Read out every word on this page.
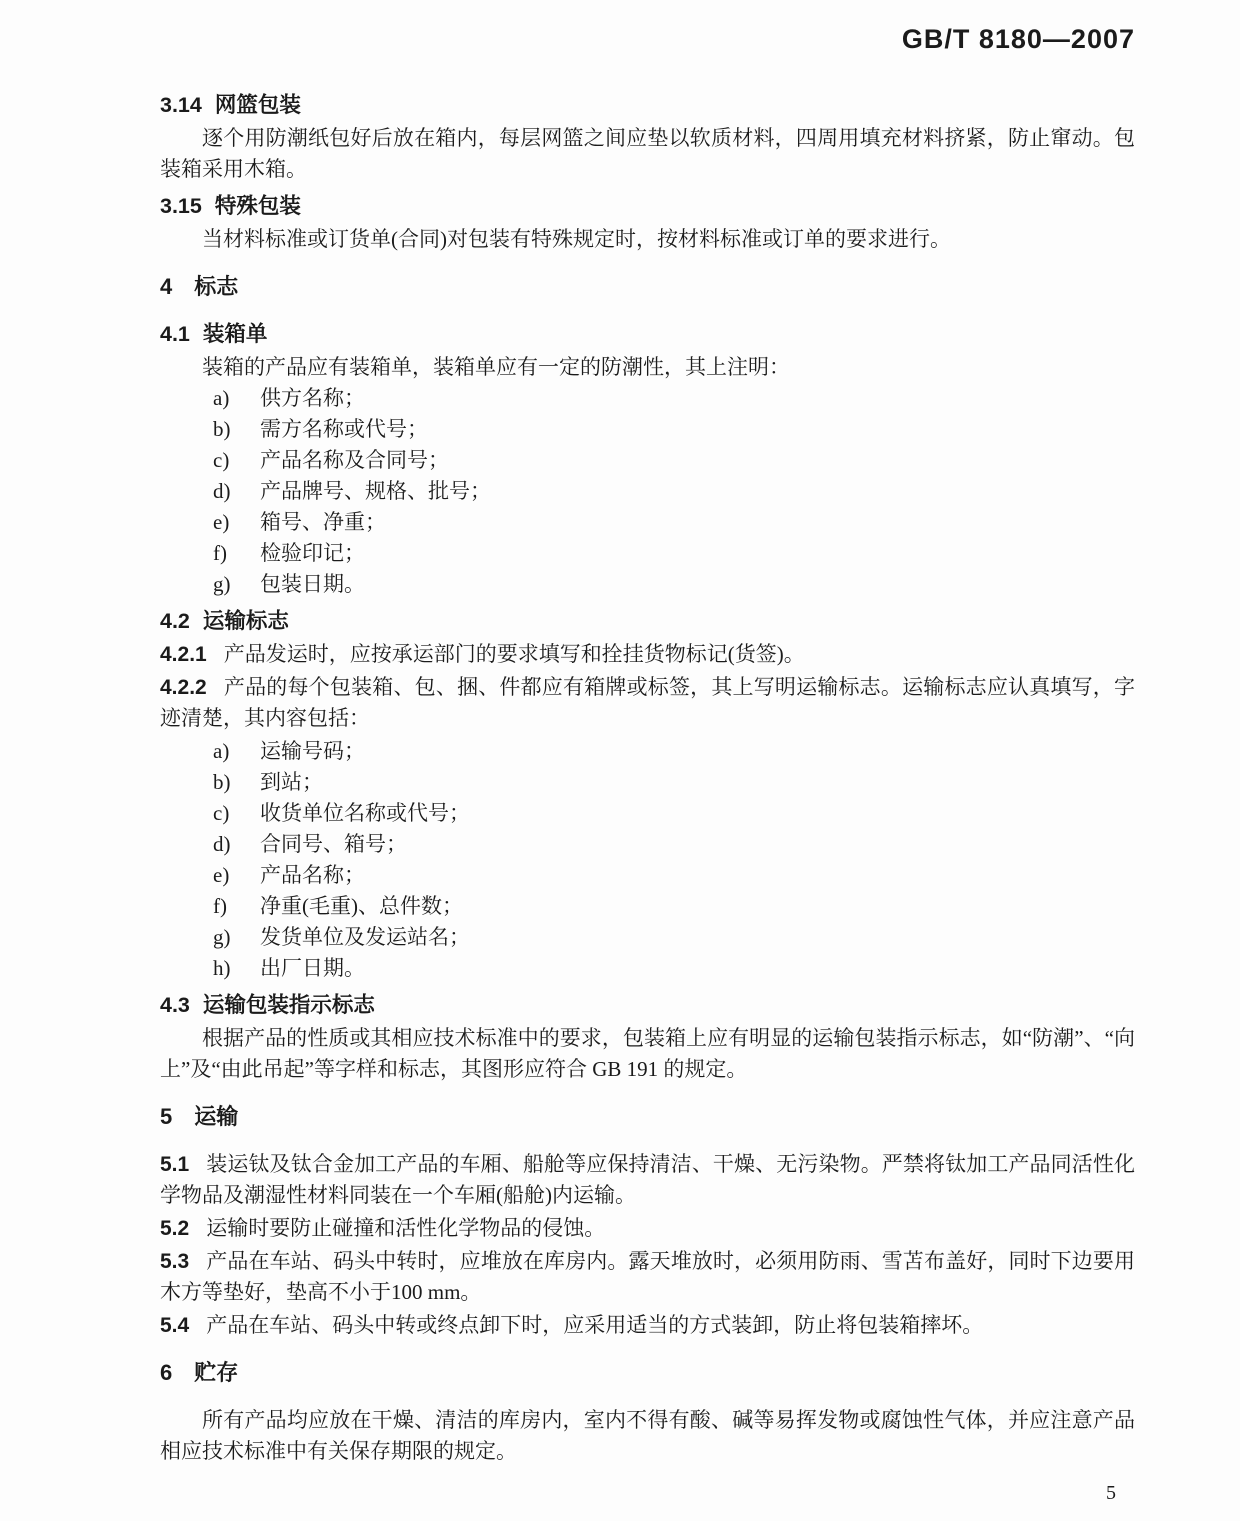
GB/T 8180—2007
3.14 网篮包装

逐个用防潮纸包好后放在箱内，每层网篮之间应垫以软质材料，四周用填充材料挤紧，防止窜动。包装箱采用木箱。

3.15 特殊包装

当材料标准或订货单(合同)对包装有特殊规定时，按材料标准或订单的要求进行。

4 标志
4.1 装箱单

装箱的产品应有装箱单，装箱单应有一定的防潮性，其上注明：

a) 供方名称；
b) 需方名称或代号；
c) 产品名称及合同号；
d) 产品牌号、规格、批号；
e) 箱号、净重；
f) 检验印记；
g) 包装日期。
4.2 运输标志

4.2.1 产品发运时，应按承运部门的要求填写和拴挂货物标记(货签)。

4.2.2 产品的每个包装箱、包、捆、件都应有箱牌或标签，其上写明运输标志。运输标志应认真填写，字迹清楚，其内容包括：

a) 运输号码；
b) 到站；
c) 收货单位名称或代号；
d) 合同号、箱号；
e) 产品名称；
f) 净重(毛重)、总件数；
g) 发货单位及发运站名；
h) 出厂日期。
4.3 运输包装指示标志

根据产品的性质或其相应技术标准中的要求，包装箱上应有明显的运输包装指示标志，如“防潮”、“向上”及“由此吊起”等字样和标志，其图形应符合 GB 191 的规定。

5 运输

5.1 装运钛及钛合金加工产品的车厢、船舱等应保持清洁、干燥、无污染物。严禁将钛加工产品同活性化学物品及潮湿性材料同装在一个车厢(船舱)内运输。

5.2 运输时要防止碰撞和活性化学物品的侵蚀。

5.3 产品在车站、码头中转时，应堆放在库房内。露天堆放时，必须用防雨、雪苫布盖好，同时下边要用木方等垫好，垫高不小于100 mm。

5.4 产品在车站、码头中转或终点卸下时，应采用适当的方式装卸，防止将包装箱摔坏。

6 贮存

所有产品均应放在干燥、清洁的库房内，室内不得有酸、碱等易挥发物或腐蚀性气体，并应注意产品相应技术标准中有关保存期限的规定。

5
